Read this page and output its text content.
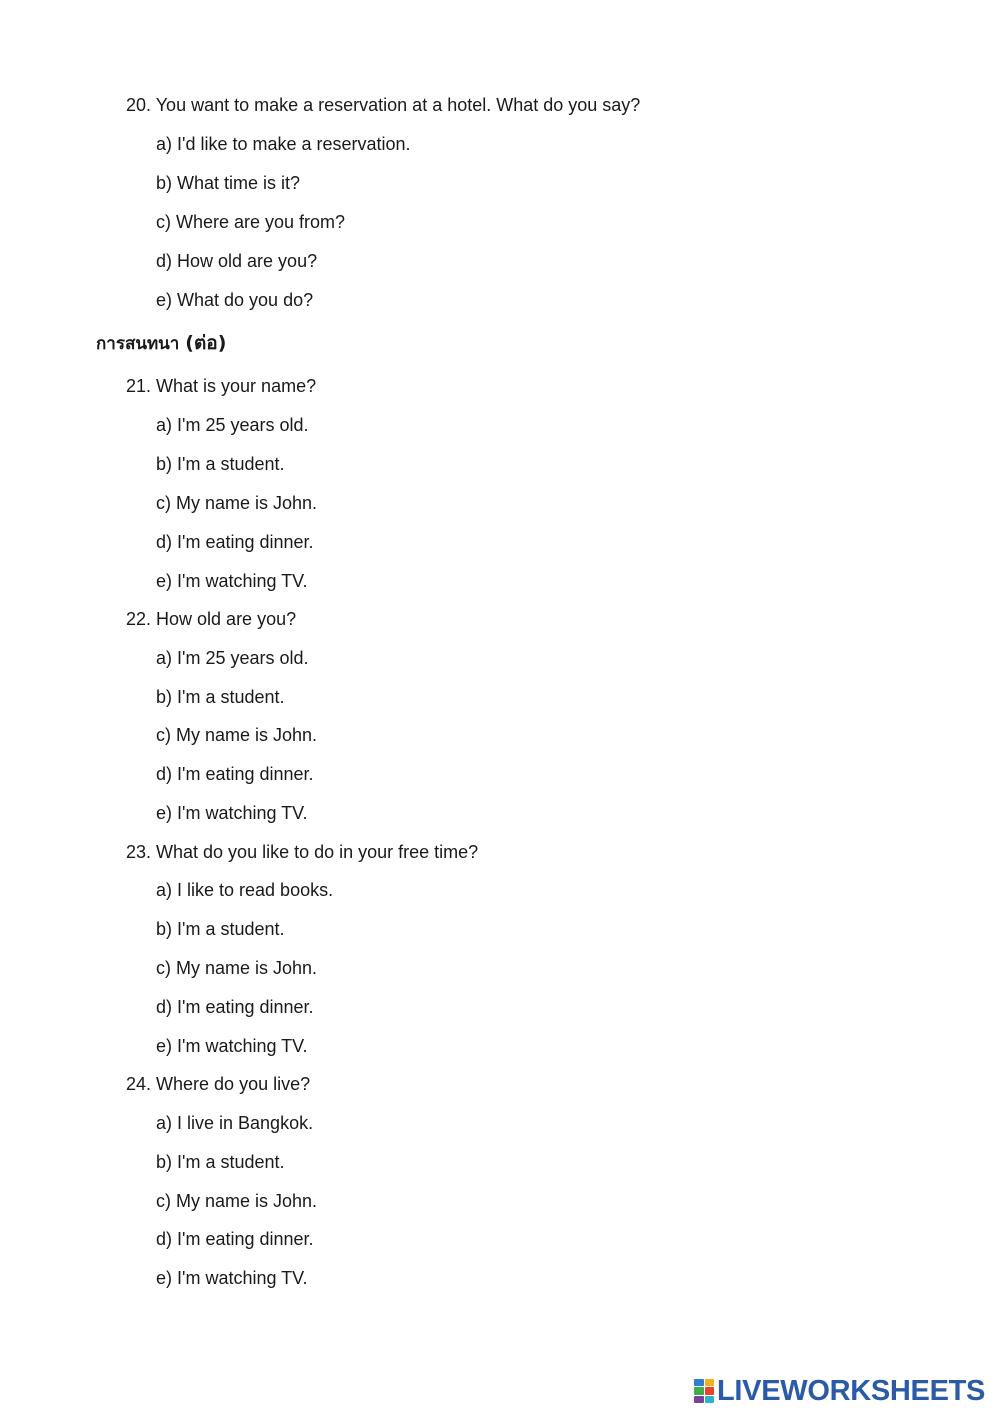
20. You want to make a reservation at a hotel. What do you say?
a) I'd like to make a reservation.
b) What time is it?
c) Where are you from?
d) How old are you?
e) What do you do?
การสนทนา (ต่อ)
21. What is your name?
a) I'm 25 years old.
b) I'm a student.
c) My name is John.
d) I'm eating dinner.
e) I'm watching TV.
22. How old are you?
a) I'm 25 years old.
b) I'm a student.
c) My name is John.
d) I'm eating dinner.
e) I'm watching TV.
23. What do you like to do in your free time?
a) I like to read books.
b) I'm a student.
c) My name is John.
d) I'm eating dinner.
e) I'm watching TV.
24. Where do you live?
a) I live in Bangkok.
b) I'm a student.
c) My name is John.
d) I'm eating dinner.
e) I'm watching TV.
LIVEWORKSHEETS
